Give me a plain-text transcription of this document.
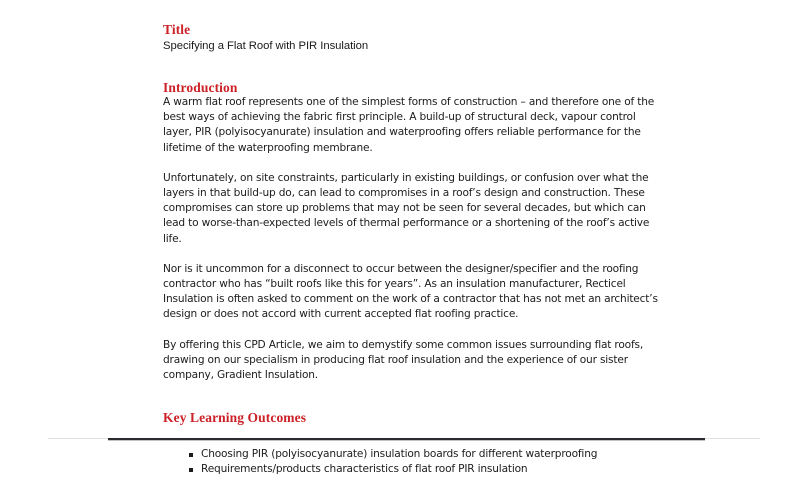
Title

Specifying a Flat Roof with PIR Insulation

Introduction

A warm flat roof represents one of the simplest forms of construction – and therefore one of the best ways of achieving the fabric first principle. A build-up of structural deck, vapour control layer, PIR (polyisocyanurate) insulation and waterproofing offers reliable performance for the lifetime of the waterproofing membrane.

Unfortunately, on site constraints, particularly in existing buildings, or confusion over what the layers in that build-up do, can lead to compromises in a roof’s design and construction. These compromises can store up problems that may not be seen for several decades, but which can lead to worse-than-expected levels of thermal performance or a shortening of the roof’s active life.

Nor is it uncommon for a disconnect to occur between the designer/specifier and the roofing contractor who has “built roofs like this for years”. As an insulation manufacturer, Recticel Insulation is often asked to comment on the work of a contractor that has not met an architect’s design or does not accord with current accepted flat roofing practice.

By offering this CPD Article, we aim to demystify some common issues surrounding flat roofs, drawing on our specialism in producing flat roof insulation and the experience of our sister company, Gradient Insulation.

Key Learning Outcomes
Choosing PIR (polyisocyanurate) insulation boards for different waterproofing
Requirements/products characteristics of flat roof PIR insulation
